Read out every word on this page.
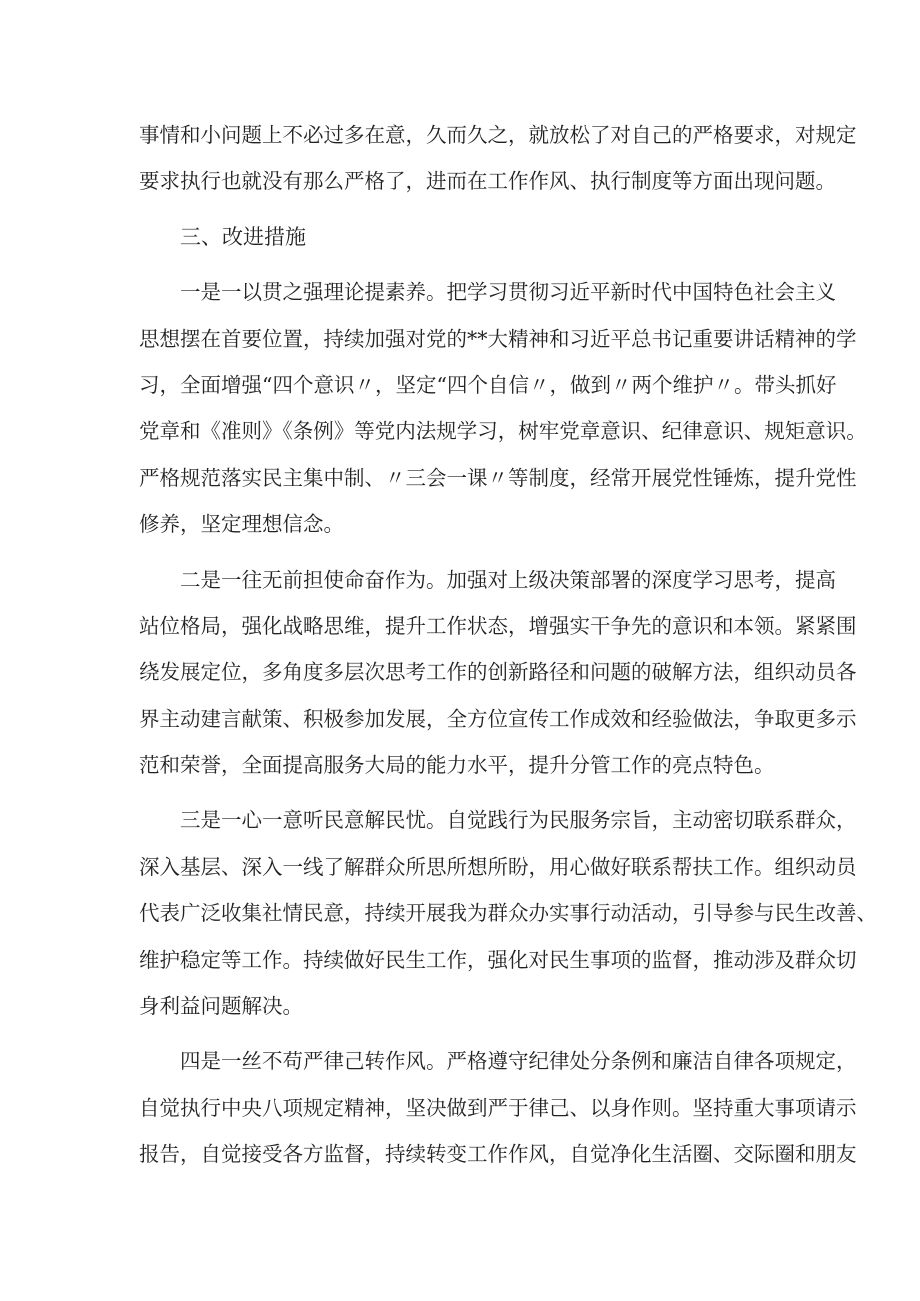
事情和小问题上不必过多在意，久而久之，就放松了对自己的严格要求，对规定
要求执行也就没有那么严格了，进而在工作作风、执行制度等方面出现问题。
三、改进措施
一是一以贯之强理论提素养。把学习贯彻习近平新时代中国特色社会主义
思想摆在首要位置，持续加强对党的**大精神和习近平总书记重要讲话精神的学
习，全面增强“四个意识〃，坚定“四个自信〃，做到〃两个维护〃。带头抓好
党章和《准则》《条例》等党内法规学习，树牢党章意识、纪律意识、规矩意识。
严格规范落实民主集中制、〃三会一课〃等制度，经常开展党性锤炼，提升党性
修养，坚定理想信念。
二是一往无前担使命奋作为。加强对上级决策部署的深度学习思考，提高
站位格局，强化战略思维，提升工作状态，增强实干争先的意识和本领。紧紧围
绕发展定位，多角度多层次思考工作的创新路径和问题的破解方法，组织动员各
界主动建言献策、积极参加发展，全方位宣传工作成效和经验做法，争取更多示
范和荣誉，全面提高服务大局的能力水平，提升分管工作的亮点特色。
三是一心一意听民意解民忧。自觉践行为民服务宗旨，主动密切联系群众，
深入基层、深入一线了解群众所思所想所盼，用心做好联系帮扶工作。组织动员
代表广泛收集社情民意，持续开展我为群众办实事行动活动，引导参与民生改善、
维护稳定等工作。持续做好民生工作，强化对民生事项的监督，推动涉及群众切
身利益问题解决。
四是一丝不苟严律己转作风。严格遵守纪律处分条例和廉洁自律各项规定，
自觉执行中央八项规定精神，坚决做到严于律己、以身作则。坚持重大事项请示
报告，自觉接受各方监督，持续转变工作作风，自觉净化生活圈、交际圈和朋友
